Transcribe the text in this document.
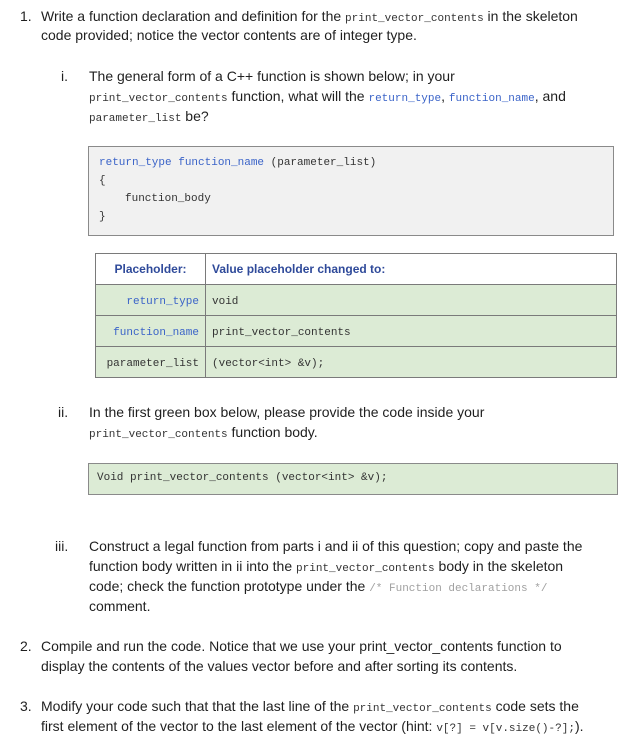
1. Write a function declaration and definition for the print_vector_contents in the skeleton
code provided; notice the vector contents are of integer type.
i. The general form of a C++ function is shown below; in your
print_vector_contents function, what will the return_type, function_name, and
parameter_list be?
return_type function_name (parameter_list)
{
function_body
}
Placeholder:	Value placeholder changed to:
return_type	void
function_name	print_vector_contents
parameter_list	(vector<int> &v);
ii. In the first green box below, please provide the code inside your
print_vector_contents function body.
Void print_vector_contents (vector<int> &v);
iii. Construct a legal function from parts i and ii of this question; copy and paste the
function body written in ii into the print_vector_contents body in the skeleton
code; check the function prototype under the /* Function declarations */
comment.
2. Compile and run the code. Notice that we use your print_vector_contents function to
display the contents of the values vector before and after sorting its contents.
3. Modify your code such that that the last line of the print_vector_contents code sets the
first element of the vector to the last element of the vector (hint: v[?] = v[v.size()-?];).
